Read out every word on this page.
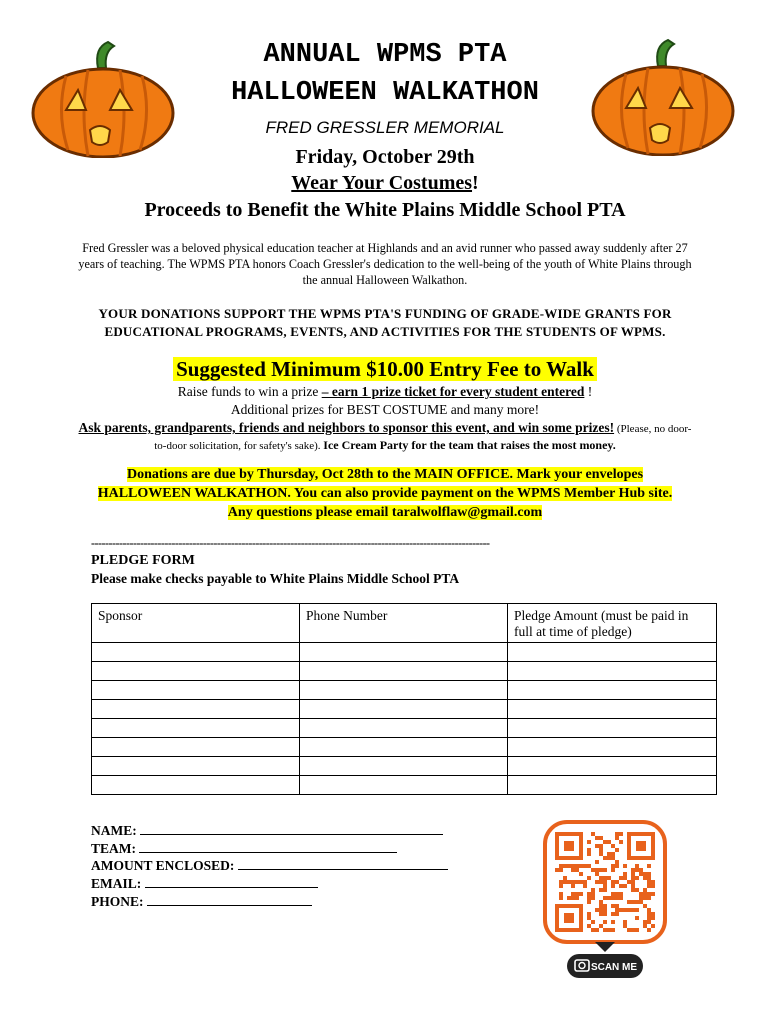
ANNUAL WPMS PTA
HALLOWEEN WALKATHON
FRED GRESSLER MEMORIAL
Friday, October 29th
Wear Your Costumes!
Proceeds to Benefit the White Plains Middle School PTA
Fred Gressler was a beloved physical education teacher at Highlands and an avid runner who passed away suddenly after 27
years of teaching. The WPMS PTA honors Coach Gressler's dedication to the well-being of the youth of White Plains through
the annual Halloween Walkathon.
YOUR DONATIONS SUPPORT THE WPMS PTA'S FUNDING OF GRADE-WIDE GRANTS FOR
EDUCATIONAL PROGRAMS, EVENTS, AND ACTIVITIES FOR THE STUDENTS OF WPMS.
Suggested Minimum $10.00 Entry Fee to Walk
Raise funds to win a prize – earn 1 prize ticket for every student entered !
Additional prizes for BEST COSTUME and many more!
Ask parents, grandparents, friends and neighbors to sponsor this event, and win some prizes! (Please, no door-
to-door solicitation, for safety's sake). Ice Cream Party for the team that raises the most money.
Donations are due by Thursday, Oct 28th to the MAIN OFFICE. Mark your envelopes
HALLOWEEN WALKATHON. You can also provide payment on the WPMS Member Hub site.
Any questions please email taralwolflaw@gmail.com
------------------------------------------------------------------------------------------------------------------
PLEDGE FORM
Please make checks payable to White Plains Middle School PTA
Sponsor	Phone Number	Pledge Amount (must be paid in full at time of pledge)

NAME:
TEAM:
AMOUNT ENCLOSED:
EMAIL:
PHONE:
SCAN ME
